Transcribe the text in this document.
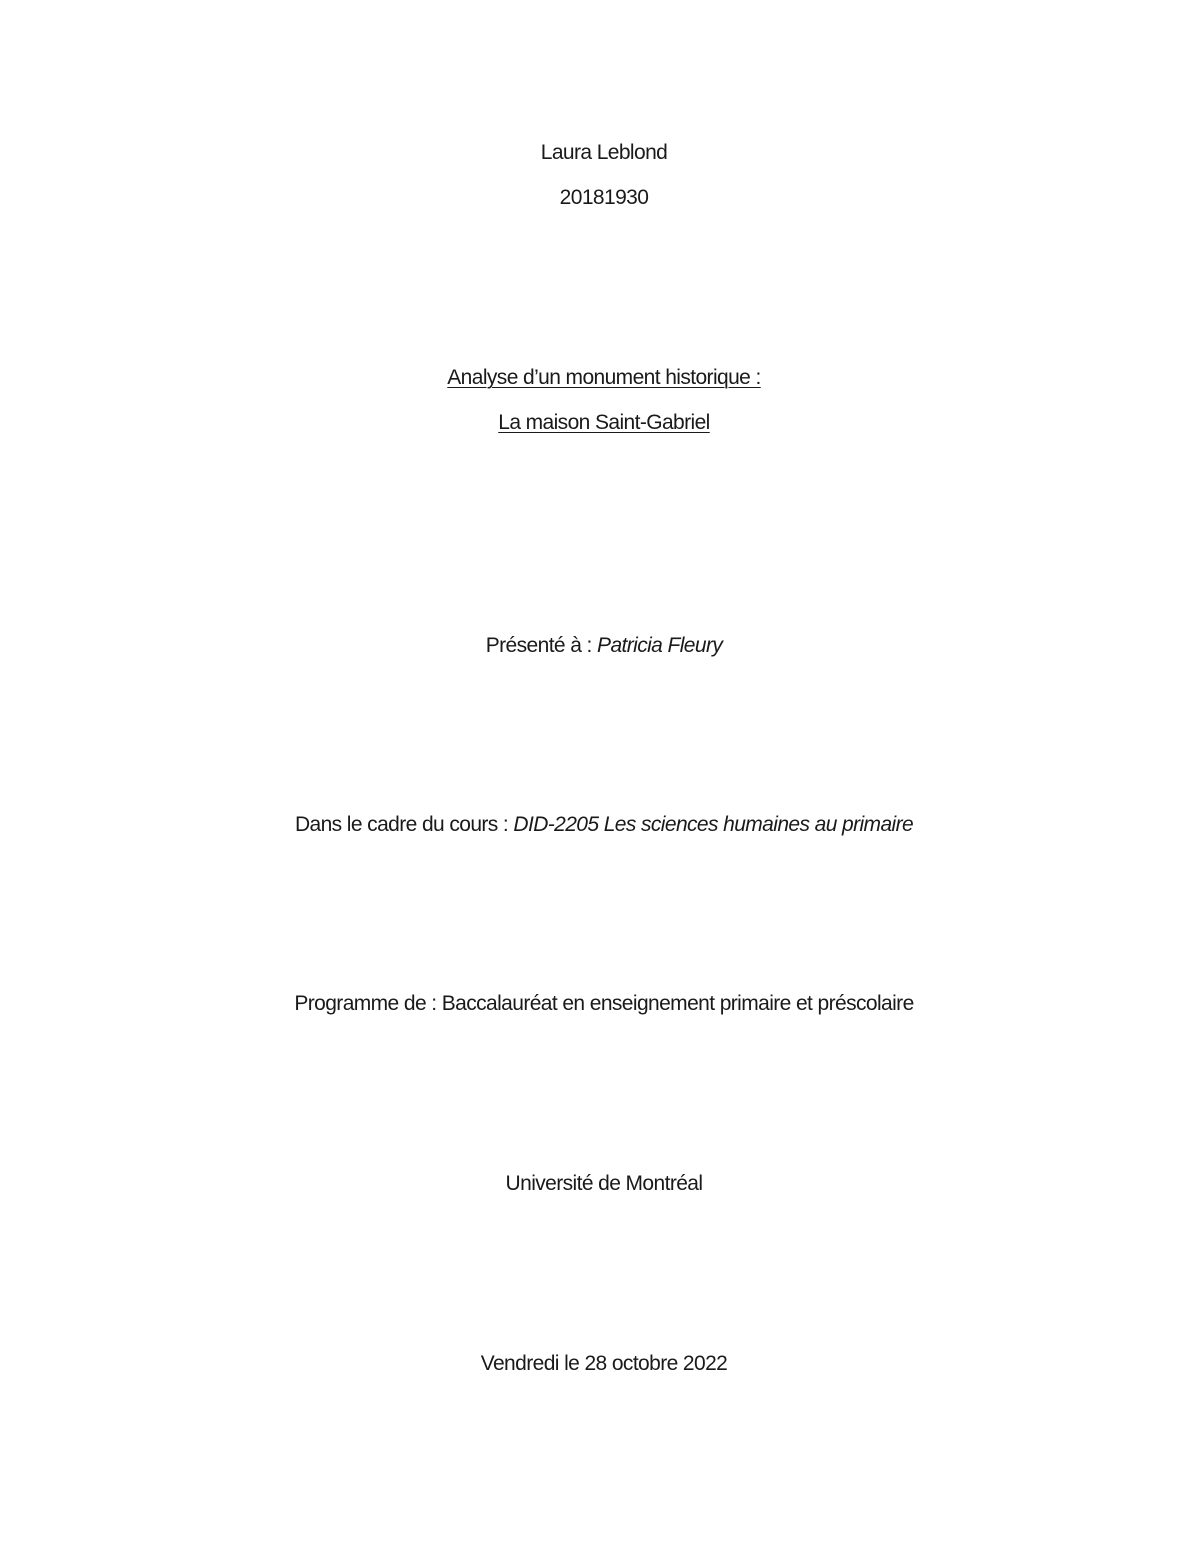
Laura Leblond
20181930
Analyse d’un monument historique :
La maison Saint-Gabriel
Présenté à : Patricia Fleury
Dans le cadre du cours : DID-2205 Les sciences humaines au primaire
Programme de : Baccalauréat en enseignement primaire et préscolaire
Université de Montréal
Vendredi le 28 octobre 2022
